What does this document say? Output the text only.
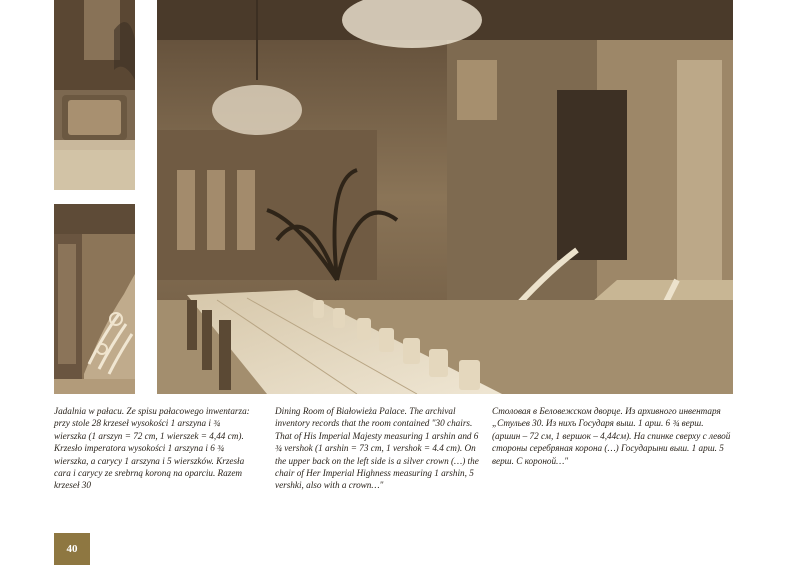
Jadalnia w pałacu. Ze spisu pałacowego inwentarza: przy stole 28 krzeseł wysokości 1 arszyna i ¾ wierszka (1 arszyn = 72 cm, 1 wierszek = 4,44 cm). Krzesło imperatora wysokości 1 arszyna i 6 ¾ wierszka, a carycy 1 arszyna i 5 wierszków. Krzesła cara i carycy ze srebrną koroną na oparciu. Razem krzeseł 30

Dining Room of Białowieża Palace. The archival inventory records that the room contained "30 chairs. That of His Imperial Majesty measuring 1 arshin and 6 ¾ vershok (1 arshin = 73 cm, 1 vershok = 4.4 cm). On the upper back on the left side is a silver crown (…) the chair of Her Imperial Highness measuring 1 arshin, 5 vershki, also with a crown…"

Столовая в Беловежском дворце. Из архивного инвентаря „Стульев 30. Из нихъ Государя выш. 1 арш. 6 ¾ верш. (аршин – 72 см, 1 вершок – 4,44см). На спинке сверху с левой стороны серебряная корона (…) Государыни выш. 1 арш. 5 верш. С короной…"

40
